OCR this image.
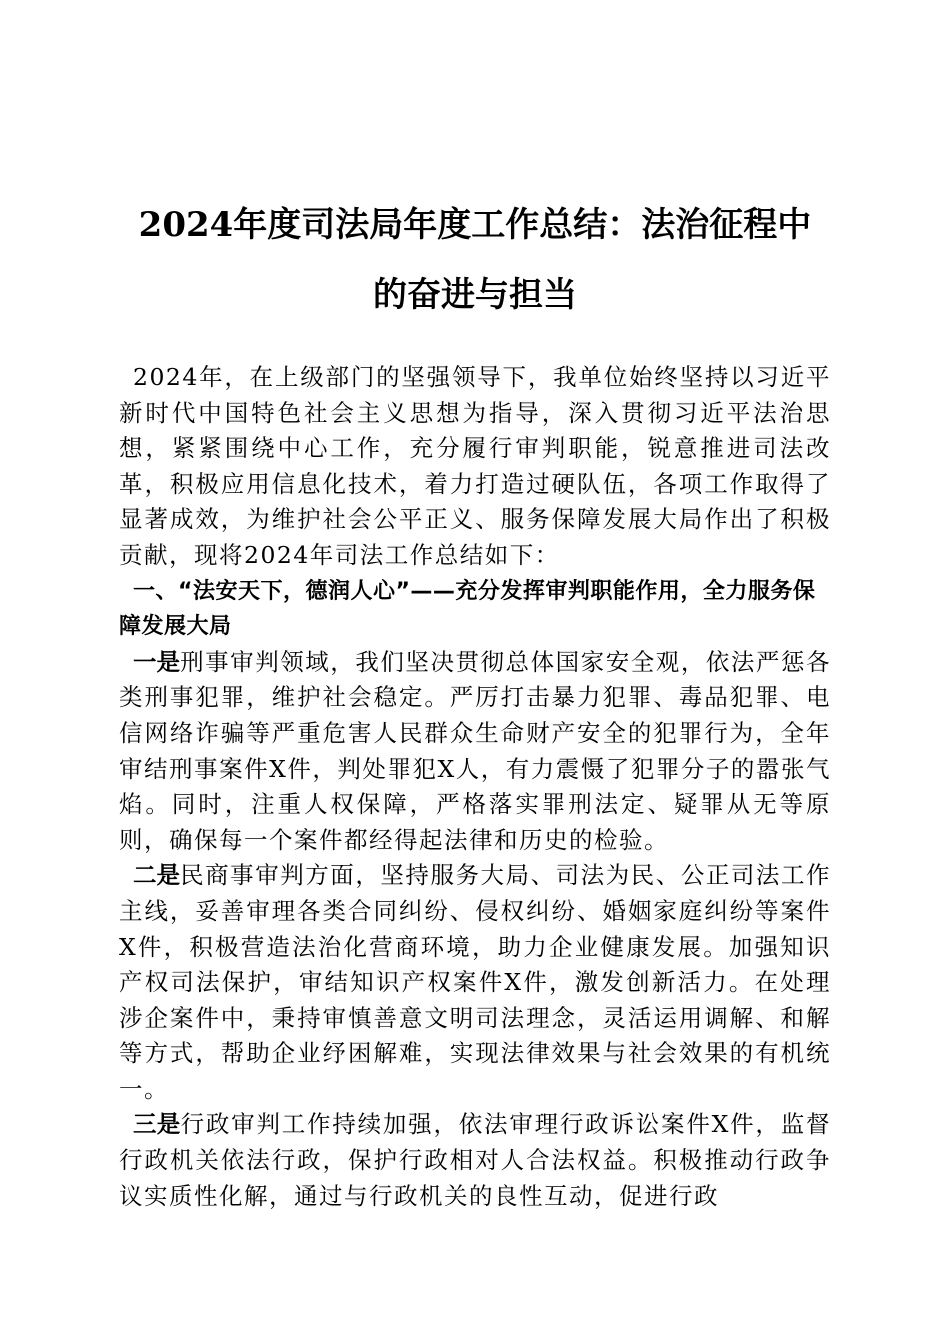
2024年度司法局年度工作总结：法治征程中
的奋进与担当

2024年，在上级部门的坚强领导下，我单位始终坚持以习近平新时代中国特色社会主义思想为指导，深入贯彻习近平法治思想，紧紧围绕中心工作，充分履行审判职能，锐意推进司法改革，积极应用信息化技术，着力打造过硬队伍，各项工作取得了显著成效，为维护社会公平正义、服务保障发展大局作出了积极贡献，现将2024年司法工作总结如下：

一、“法安天下，德润人心”——充分发挥审判职能作用，全力服务保障发展大局

一是刑事审判领域，我们坚决贯彻总体国家安全观，依法严惩各类刑事犯罪，维护社会稳定。严厉打击暴力犯罪、毒品犯罪、电信网络诈骗等严重危害人民群众生命财产安全的犯罪行为，全年审结刑事案件X件，判处罪犯X人，有力震慑了犯罪分子的嚣张气焰。同时，注重人权保障，严格落实罪刑法定、疑罪从无等原则，确保每一个案件都经得起法律和历史的检验。

二是民商事审判方面，坚持服务大局、司法为民、公正司法工作主线，妥善审理各类合同纠纷、侵权纠纷、婚姻家庭纠纷等案件X件，积极营造法治化营商环境，助力企业健康发展。加强知识产权司法保护，审结知识产权案件X件，激发创新活力。在处理涉企案件中，秉持审慎善意文明司法理念，灵活运用调解、和解等方式，帮助企业纾困解难，实现法律效果与社会效果的有机统一。

三是行政审判工作持续加强，依法审理行政诉讼案件X件，监督行政机关依法行政，保护行政相对人合法权益。积极推动行政争议实质性化解，通过与行政机关的良性互动，促进行政
